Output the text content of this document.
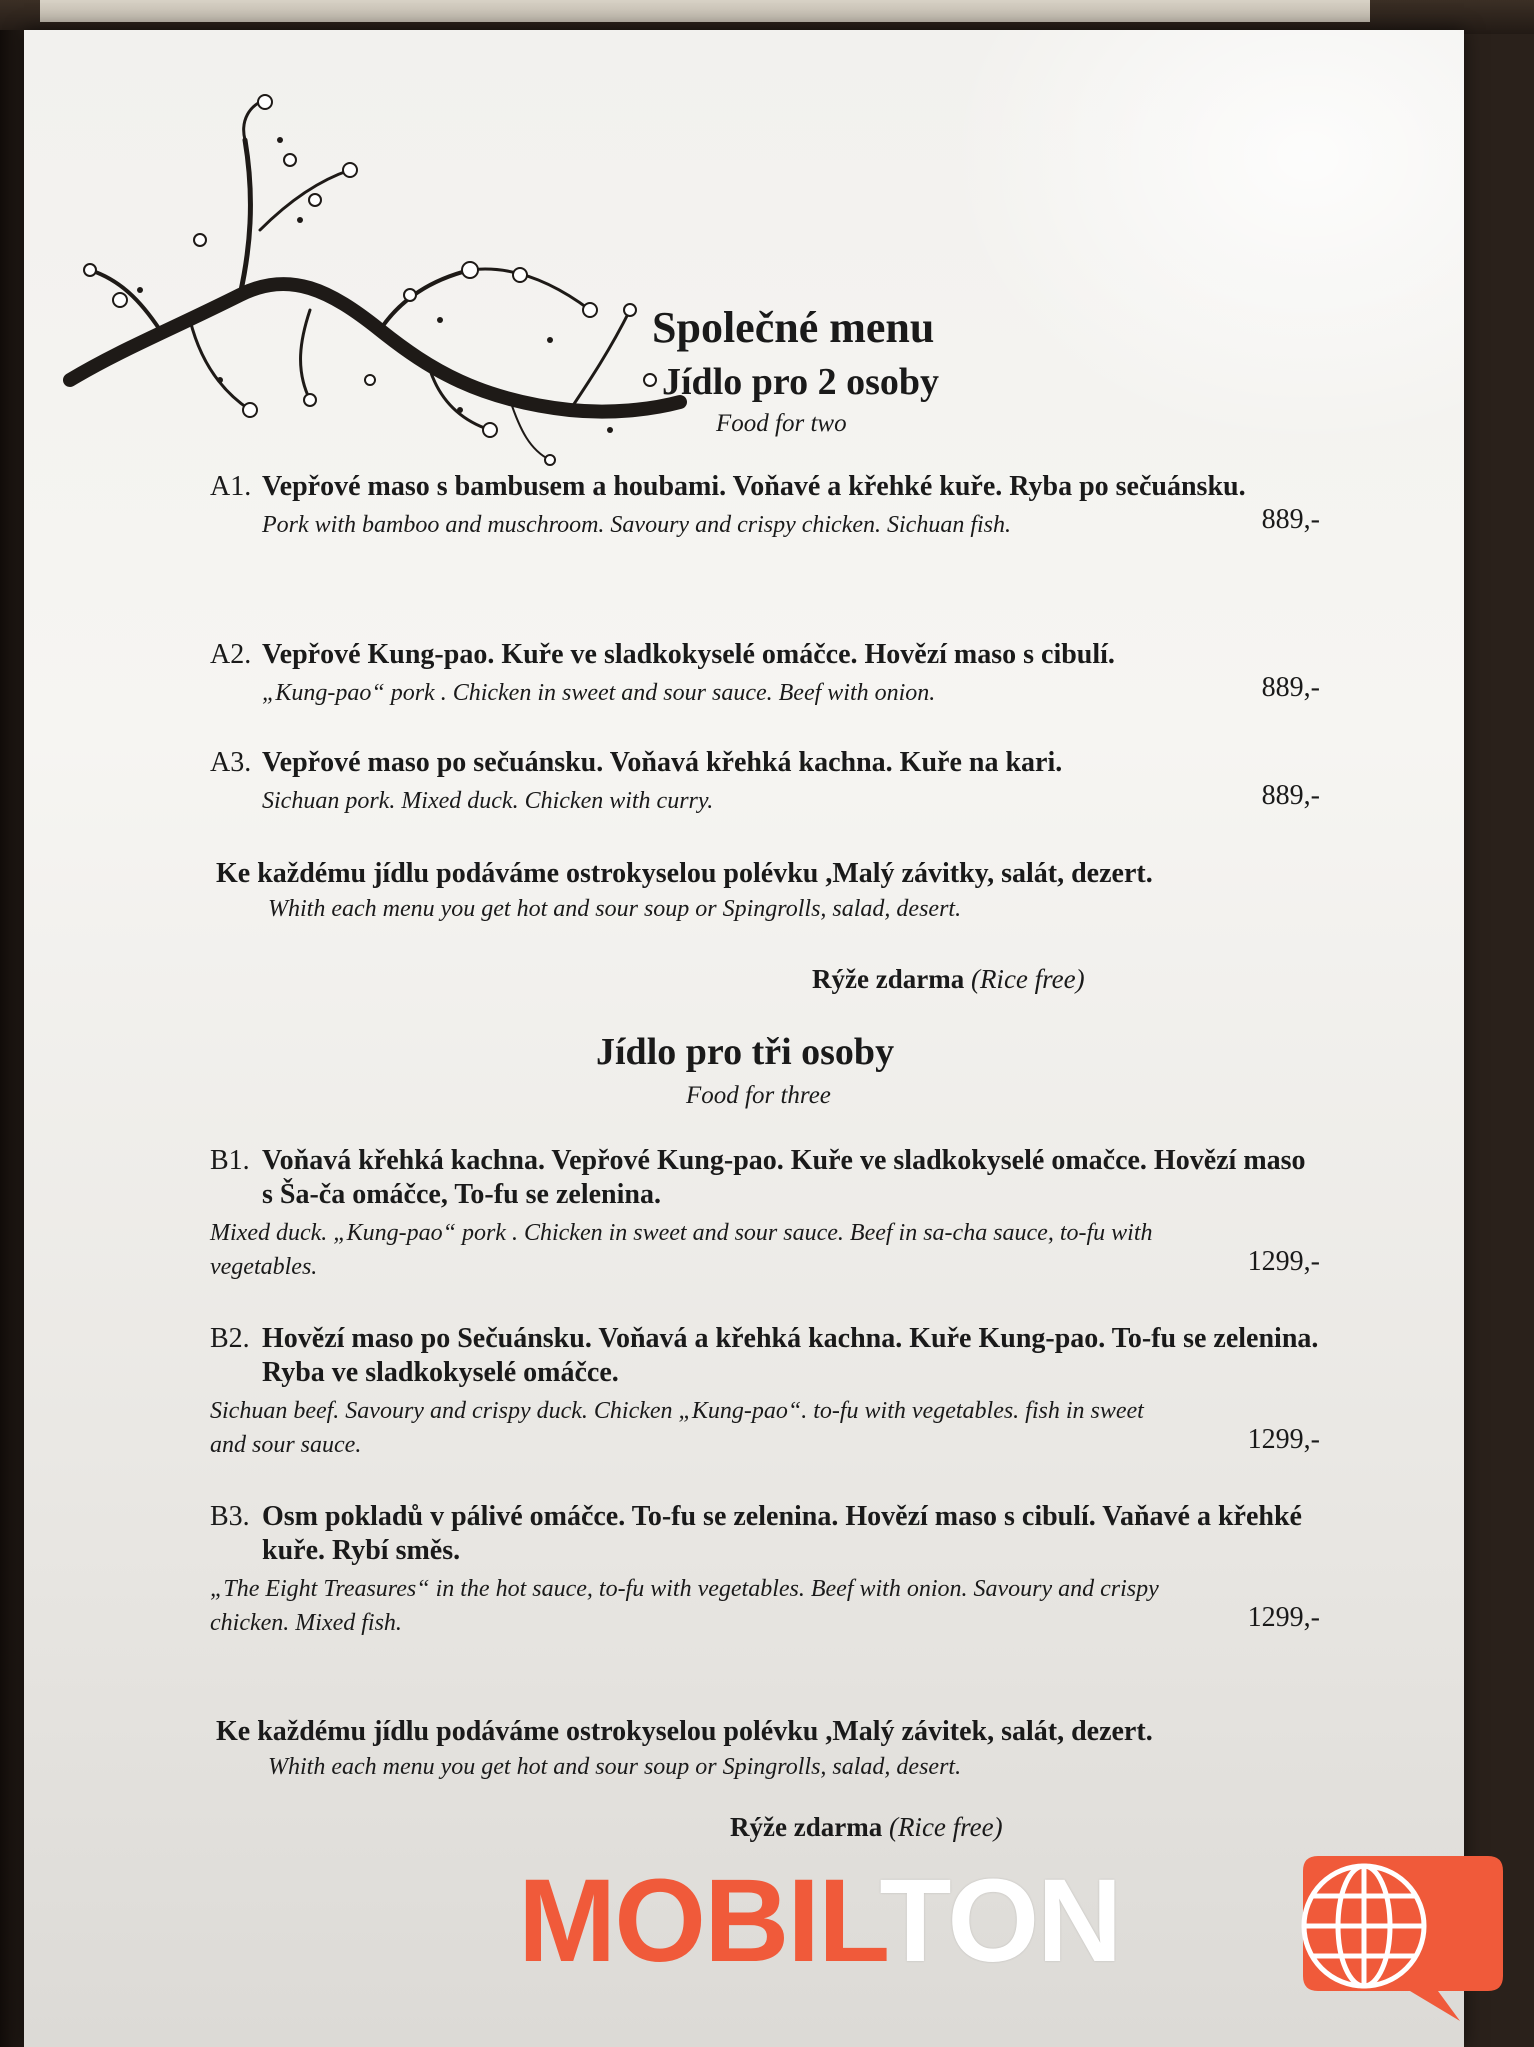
Společné menu
Jídlo pro 2 osoby
Food for two
A1. Vepřové maso s bambusem a houbami. Voňavé a křehké kuře. Ryba po sečuánsku.
Pork with bamboo and muschroom. Savoury and crispy chicken. Sichuan fish.	889,-
A2. Vepřové Kung-pao. Kuře ve sladkokyselé omáčce. Hovězí maso s cibulí.
„Kung-pao“ pork . Chicken in sweet and sour sauce. Beef with onion.	889,-
A3. Vepřové maso po sečuánsku. Voňavá křehká kachna. Kuře na kari.
Sichuan pork. Mixed duck. Chicken with curry.	889,-
Ke každému jídlu podáváme ostrokyselou polévku ,Malý závitky, salát, dezert.
Whith each menu you get hot and sour soup or Spingrolls, salad, desert.
Rýže zdarma (Rice free)
Jídlo pro tři osoby
Food for three
B1. Voňavá křehká kachna. Vepřové Kung-pao. Kuře ve sladkokyselé omačce. Hovězí maso s Ša-ča omáčce, To-fu se zelenina.
Mixed duck. „Kung-pao“ pork . Chicken in sweet and sour sauce. Beef in sa-cha sauce, to-fu with vegetables.	1299,-
B2. Hovězí maso po Sečuánsku. Voňavá a křehká kachna. Kuře Kung-pao. To-fu se zelenina. Ryba ve sladkokyselé omáčce.
Sichuan beef. Savoury and crispy duck. Chicken „Kung-pao“. to-fu with vegetables. fish in sweet and sour sauce.	1299,-
B3. Osm pokladů v pálivé omáčce. To-fu se zelenina. Hovězí maso s cibulí. Vaňavé a křehké kuře. Rybí směs.
„The Eight Treasures“ in the hot sauce, to-fu with vegetables. Beef with onion. Savoury and crispy chicken. Mixed fish.	1299,-
Ke každému jídlu podáváme ostrokyselou polévku ,Malý závitek, salát, dezert.
Whith each menu you get hot and sour soup or Spingrolls, salad, desert.
Rýže zdarma (Rice free)
MOBILTON
